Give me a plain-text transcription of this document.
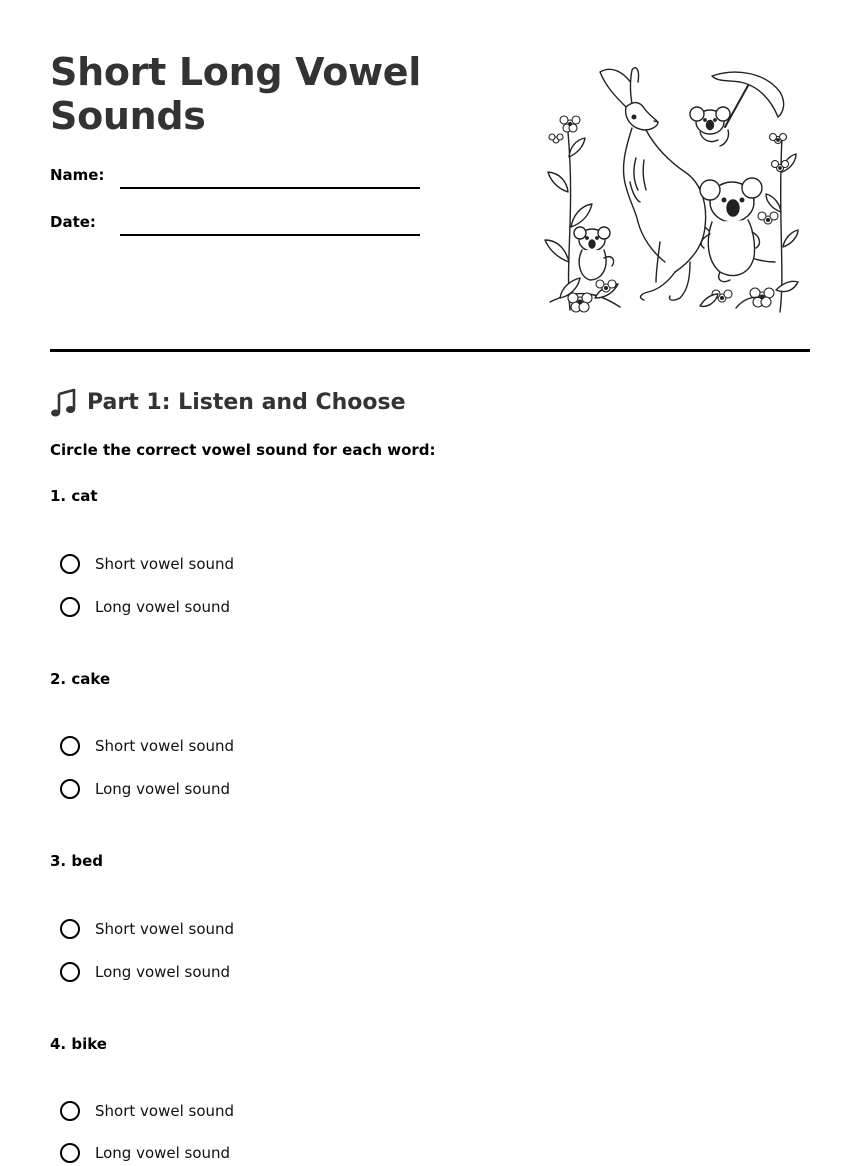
Short Long Vowel Sounds
Name:
Date:
Part 1: Listen and Choose
Circle the correct vowel sound for each word:
1. cat
Short vowel sound
Long vowel sound
2. cake
Short vowel sound
Long vowel sound
3. bed
Short vowel sound
Long vowel sound
4. bike
Short vowel sound
Long vowel sound
